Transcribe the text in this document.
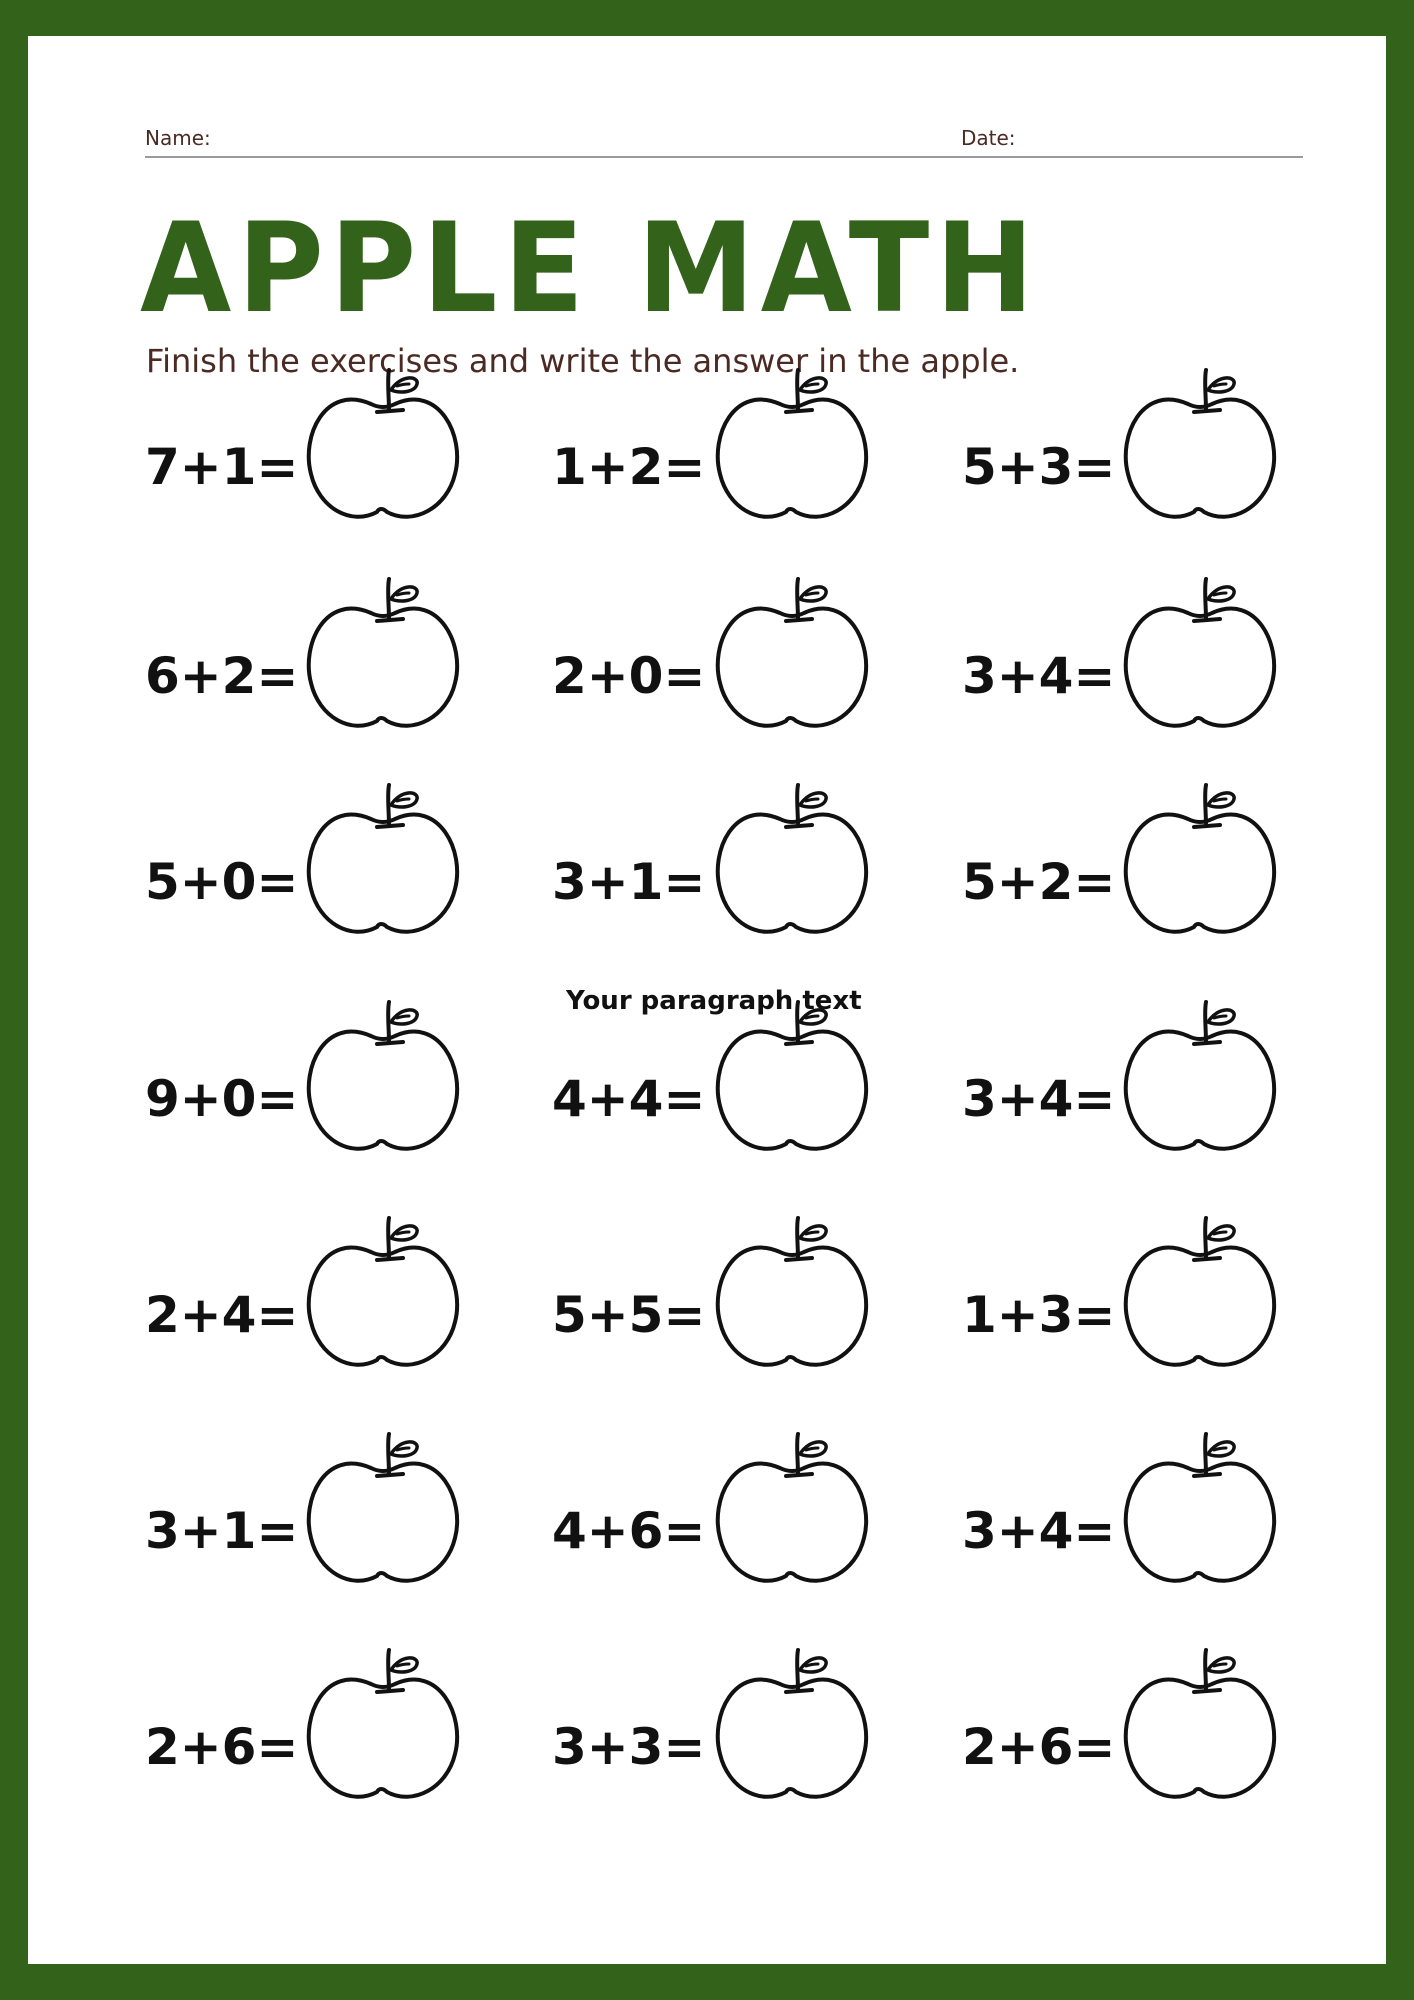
Name:	Date:
APPLE MATH

Finish the exercises and write the answer in the apple.

7+1=	1+2=	5+3=
6+2=	2+0=	3+4=
5+0=	3+1=	5+2=
9+0=	4+4=	3+4=
2+4=	5+5=	1+3=
3+1=	4+6=	3+4=
2+6=	3+3=	2+6=
Your paragraph text
